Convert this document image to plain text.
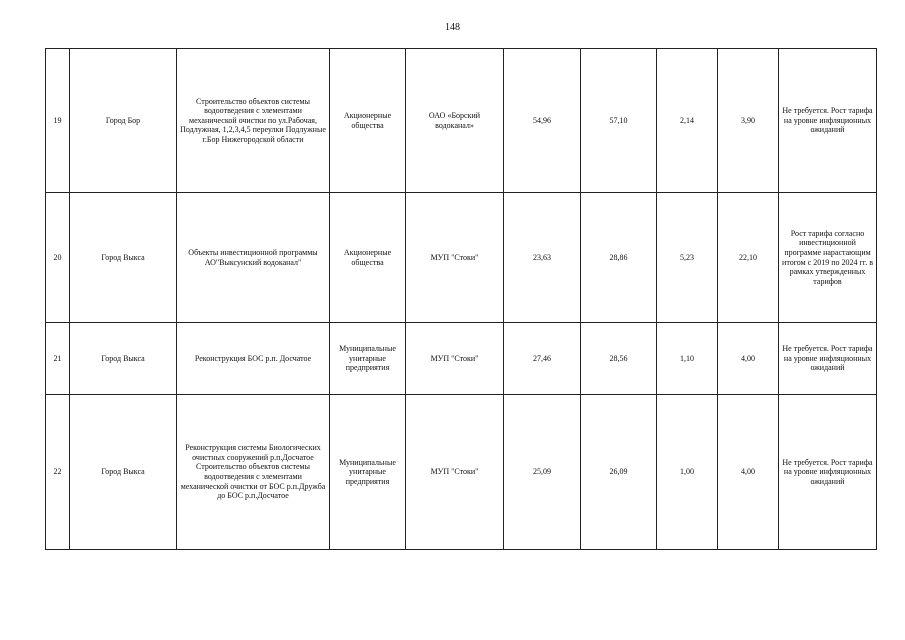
148
19	Город Бор	Строительство объектов системы водоотведения с элементами механической очистки по ул.Рабочая, Подлужная, 1,2,3,4,5 переулки Подлужные г.Бор Нижегородской области	Акционерные общества	ОАО «Борский водоканал»	54,96	57,10	2,14	3,90	Не требуется. Рост тарифа на уровне инфляционных ожиданий
20	Город Выкса	Объекты инвестиционной программы АО"Выксунский водоканал"	Акционерные общества	МУП "Стоки"	23,63	28,86	5,23	22,10	Рост тарифа согласно инвестиционной программе нарастающим итогом с 2019 по 2024 гг. в рамках утвержденных тарифов
21	Город Выкса	Реконструкция БОС р.п. Досчатое	Муниципальные унитарные предприятия	МУП "Стоки"	27,46	28,56	1,10	4,00	Не требуется. Рост тарифа на уровне инфляционных ожиданий
22	Город Выкса	Реконструкция системы Биологических очистных сооружений р.п.Досчатое Строительство объектов системы водоотведения с элементами механической очистки от БОС р.п.Дружба до БОС р.п.Досчатое	Муниципальные унитарные предприятия	МУП "Стоки"	25,09	26,09	1,00	4,00	Не требуется. Рост тарифа на уровне инфляционных ожиданий
